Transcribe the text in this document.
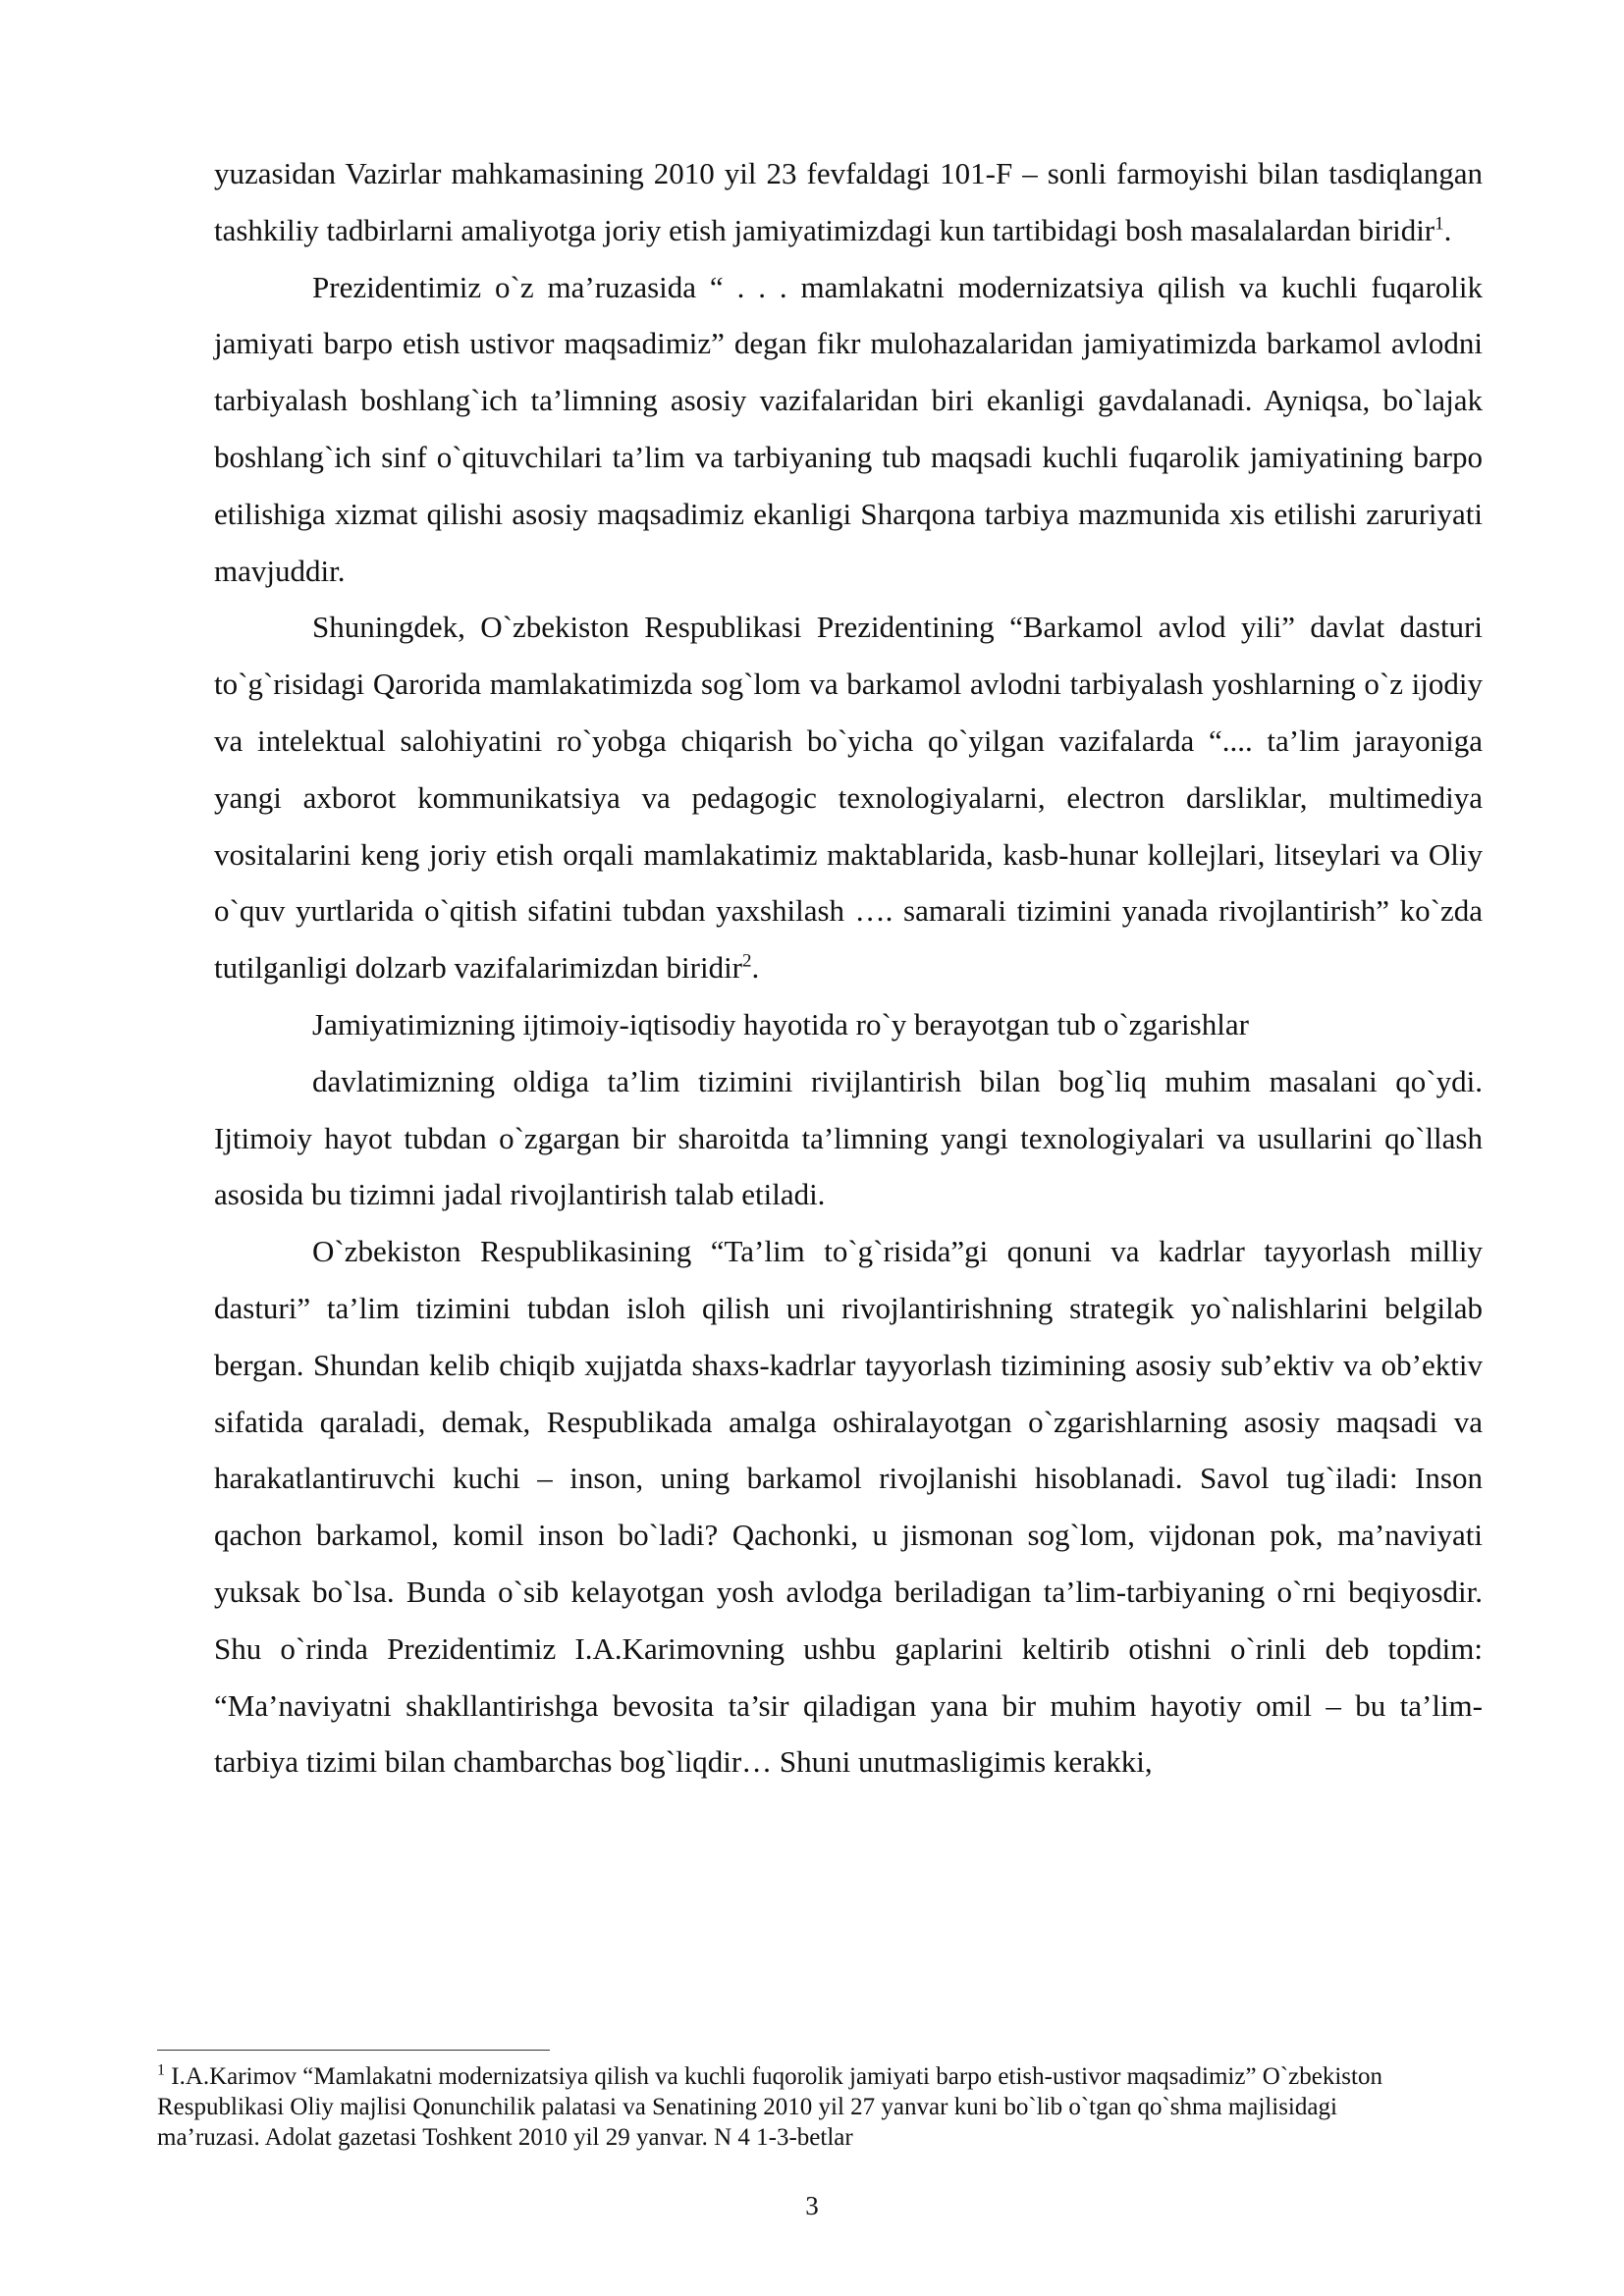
yuzasidan Vazirlar mahkamasining 2010 yil 23 fevfaldagi 101-F – sonli farmoyishi bilan tasdiqlangan tashkiliy tadbirlarni amaliyotga joriy etish jamiyatimizdagi kun tartibidagi bosh masalalardan biridir$^1$.

Prezidentimiz o`z ma’ruzasida “ . . . mamlakatni modernizatsiya qilish va kuchli fuqarolik jamiyati barpo etish ustivor maqsadimiz” degan fikr mulohazalaridan jamiyatimizda barkamol avlodni tarbiyalash boshlang`ich ta’limning asosiy vazifalaridan biri ekanligi gavdalanadi. Ayniqsa, bo`lajak boshlang`ich sinf o`qituvchilari ta’lim va tarbiyaning tub maqsadi kuchli fuqarolik jamiyatining barpo etilishiga xizmat qilishi asosiy maqsadimiz ekanligi Sharqona tarbiya mazmunida xis etilishi zaruriyati mavjuddir.

Shuningdek, O`zbekiston Respublikasi Prezidentining “Barkamol avlod yili” davlat dasturi to`g`risidagi Qarorida mamlakatimizda sog`lom va barkamol avlodni tarbiyalash yoshlarning o`z ijodiy va intelektual salohiyatini ro`yobga chiqarish bo`yicha qo`yilgan vazifalarda “.... ta’lim jarayoniga yangi axborot kommunikatsiya va pedagogic texnologiyalarni, electron darsliklar, multimediya vositalarini keng joriy etish orqali mamlakatimiz maktablarida, kasb-hunar kollejlari, litseylari va Oliy o`quv yurtlarida o`qitish sifatini tubdan yaxshilash …. samarali tizimini yanada rivojlantirish” ko`zda tutilganligi dolzarb vazifalarimizdan biridir$^2$.

Jamiyatimizning ijtimoiy-iqtisodiy hayotida ro`y berayotgan tub o`zgarishlar

davlatimizning oldiga ta’lim tizimini rivijlantirish bilan bog`liq muhim masalani qo`ydi. Ijtimoiy hayot tubdan o`zgargan bir sharoitda ta’limning yangi texnologiyalari va usullarini qo`llash asosida bu tizimni jadal rivojlantirish talab etiladi.

O`zbekiston Respublikasining “Ta’lim to`g`risida”gi qonuni va kadrlar tayyorlash milliy dasturi” ta’lim tizimini tubdan isloh qilish uni rivojlantirishning strategik yo`nalishlarini belgilab bergan. Shundan kelib chiqib xujjatda shaxs-kadrlar tayyorlash tizimining asosiy sub’ektiv va ob’ektiv sifatida qaraladi, demak, Respublikada amalga oshiralayotgan o`zgarishlarning asosiy maqsadi va harakatlantiruvchi kuchi – inson, uning barkamol rivojlanishi hisoblanadi. Savol tug`iladi: Inson qachon barkamol, komil inson bo`ladi? Qachonki, u jismonan sog`lom, vijdonan pok, ma’naviyati yuksak bo`lsa. Bunda o`sib kelayotgan yosh avlodga beriladigan ta’lim-tarbiyaning o`rni beqiyosdir. Shu o`rinda Prezidentimiz I.A.Karimovning ushbu gaplarini keltirib otishni o`rinli deb topdim: “Ma’naviyatni shakllantirishga bevosita ta’sir qiladigan yana bir muhim hayotiy omil – bu ta’lim-tarbiya tizimi bilan chambarchas bog`liqdir… Shuni unutmasligimis kerakki,

$^1$ I.A.Karimov “Mamlakatni modernizatsiya qilish va kuchli fuqorolik jamiyati barpo etish-ustivor maqsadimiz” O`zbekiston Respublikasi Oliy majlisi Qonunchilik palatasi va Senatining 2010 yil 27 yanvar kuni bo`lib o`tgan qo`shma majlisidagi ma’ruzasi. Adolat gazetasi Toshkent 2010 yil 29 yanvar. N 4 1-3-betlar

3
